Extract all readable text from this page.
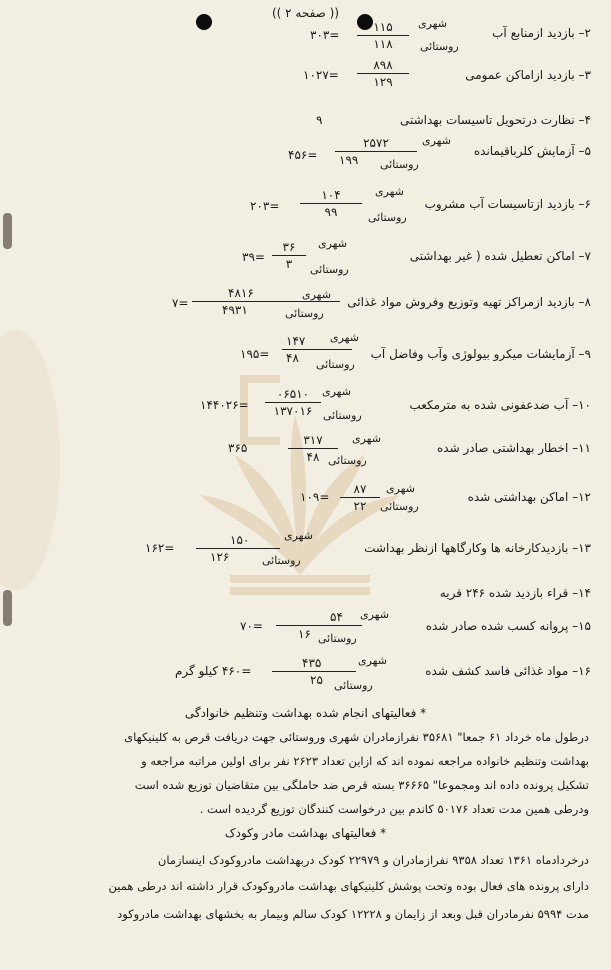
(( صفحه ۲ ))
۲– بازدید ازمنابع آب
شهری
روستائی
۱۱۵
۱۱۸
=۳۰۳
۳– بازدید ازاماکن عمومی
۸۹۸
۱۲۹
=۱۰۲۷
۴– نظارت درتحویل تاسیسات بهداشتی
۹
۵– آزمایش کلرباقیمانده
شهری
روستائی
۲۵۷۲
۱۹۹
=۴۵۶
۶– بازدید ازتاسیسات آب مشروب
شهری
روستائی
۱۰۴
۹۹
=۲۰۳
۷– اماکن تعطیل شده ( غیر بهداشتی
شهری
روستائی
۳۶
۳
=۳۹
۸– بازدید ازمراکز تهیه وتوزیع وفروش مواد غذائی
شهری
روستائی
۴۸۱۶
۴۹۳۱
=۷
۹– آزمایشات میکرو بیولوژی وآب وفاضل آب
شهری
روستائی
۱۴۷
۴۸
=۱۹۵
۱۰– آب ضدعفونی شده به مترمکعب
شهری
روستائی
۰۶۵۱۰
۱۳۷۰۱۶
=۱۴۴۰۲۶
۱۱– اخطار بهداشتی صادر شده
شهری
روستائی
۳۱۷
۴۸
۳۶۵
۱۲– اماکن بهداشتی شده
شهری
روستائی
۸۷
۲۲
=۱۰۹
۱۳– بازدیدکارخانه ها وکارگاهها ازنظر بهداشت
شهری
روستائی
۱۵۰
۱۲۶
=۱۶۲
۱۴– قراء بازدید شده ۲۴۶ قریه
۱۵– پروانه کسب شده صادر شده
شهری
روستائی
۵۴
۱۶
=۷۰
۱۶– مواد غذائی فاسد کشف شده
شهری
روستائی
۴۳۵
۲۵
=۴۶۰ کیلو گرم
* فعالیتهای انجام شده بهداشت وتنظیم خانوادگی
درطول ماه خرداد ۶۱ جمعا" ۳۵۶۸۱ نفرازمادران شهری وروستائی جهت دریافت قرص به کلینیکهای
بهداشت وتنظیم خانواده مراجعه نموده اند که ازاین تعداد ۲۶۲۳ نفر برای اولین مراتبه مراجعه و
تشکیل پرونده داده اند ومجموعا" ۳۶۶۶۵ بسته قرص ضد حاملگی بین متقاضیان توزیع شده است
ودرطی همین مدت تعداد ۵۰۱۷۶ کاندم بین درخواست کنندگان توزیع گردیده است .
* فعالیتهای بهداشت مادر وکودک
درخردادماه ۱۳۶۱ تعداد ۹۳۵۸ نفرازمادران و ۲۲۹۷۹ کودک دربهداشت مادروکودک اینسازمان
دارای پرونده های فعال بوده وتحت پوشش کلینیکهای بهداشت مادروکودک قرار داشته اند درطی همین
مدت ۵۹۹۴ نفرمادران قبل وبعد از زایمان و ۱۲۲۲۸ کودک سالم وبیمار به بخشهای بهداشت مادروکود
